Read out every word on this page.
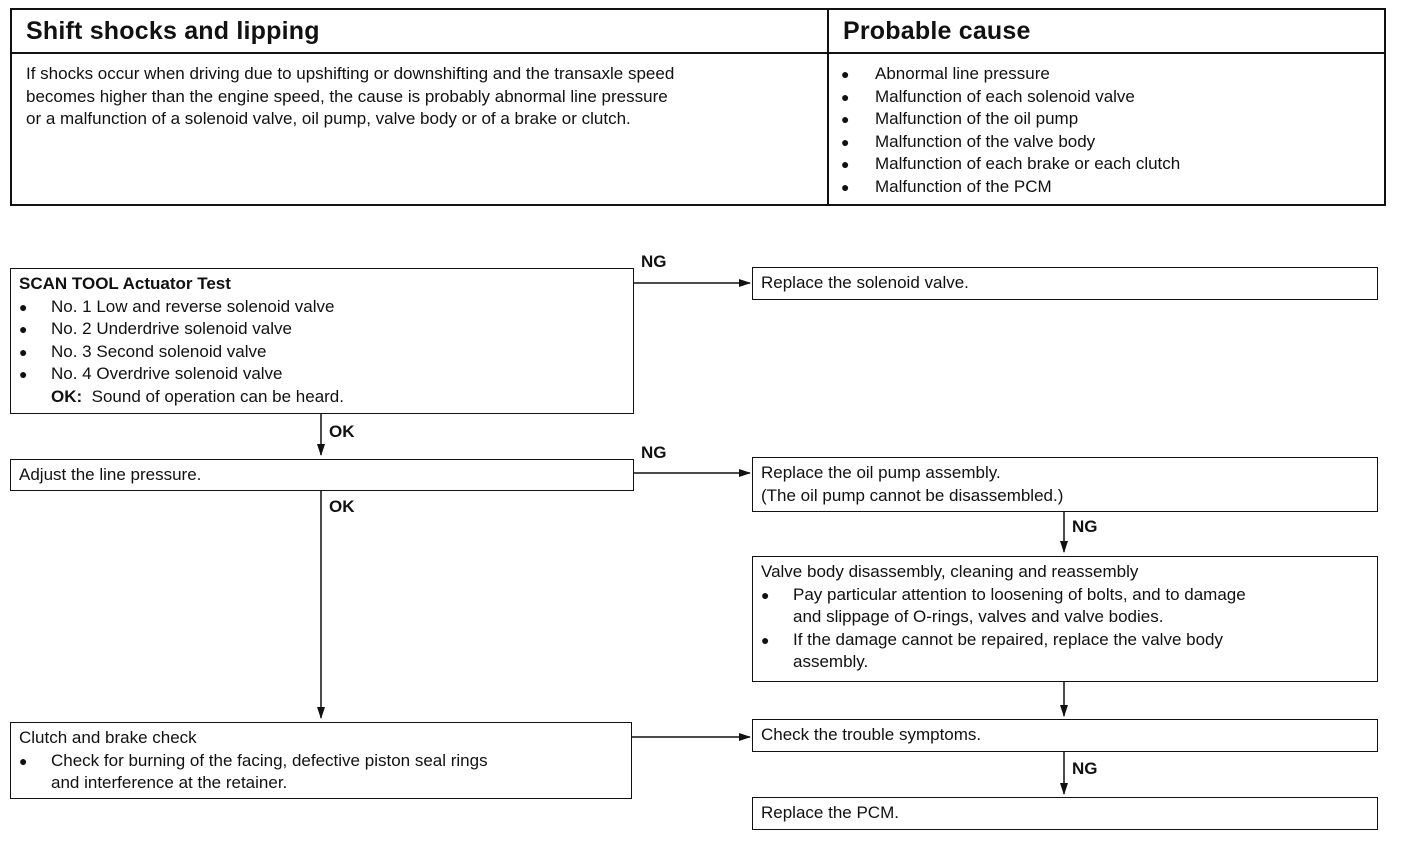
Shift shocks and lipping	Probable cause
If shocks occur when driving due to upshifting or downshifting and the transaxle speed
becomes higher than the engine speed, the cause is probably abnormal line pressure
or a malfunction of a solenoid valve, oil pump, valve body or of a brake or clutch.
●	Abnormal line pressure
●	Malfunction of each solenoid valve
●	Malfunction of the oil pump
●	Malfunction of the valve body
●	Malfunction of each brake or each clutch
●	Malfunction of the PCM
NG
OK
NG
OK
NG
NG
SCAN TOOL Actuator Test
●	No. 1 Low and reverse solenoid valve
●	No. 2 Underdrive solenoid valve
●	No. 3 Second solenoid valve
●	No. 4 Overdrive solenoid valve
OK: Sound of operation can be heard.
Replace the solenoid valve.
Adjust the line pressure.	Replace the oil pump assembly.
(The oil pump cannot be disassembled.)
Valve body disassembly, cleaning and reassembly
●	Pay particular attention to loosening of bolts, and to damage
and slippage of O-rings, valves and valve bodies.
●	If the damage cannot be repaired, replace the valve body
assembly.
Clutch and brake check
●	Check for burning of the facing, defective piston seal rings
and interference at the retainer.
Check the trouble symptoms.
Replace the PCM.
